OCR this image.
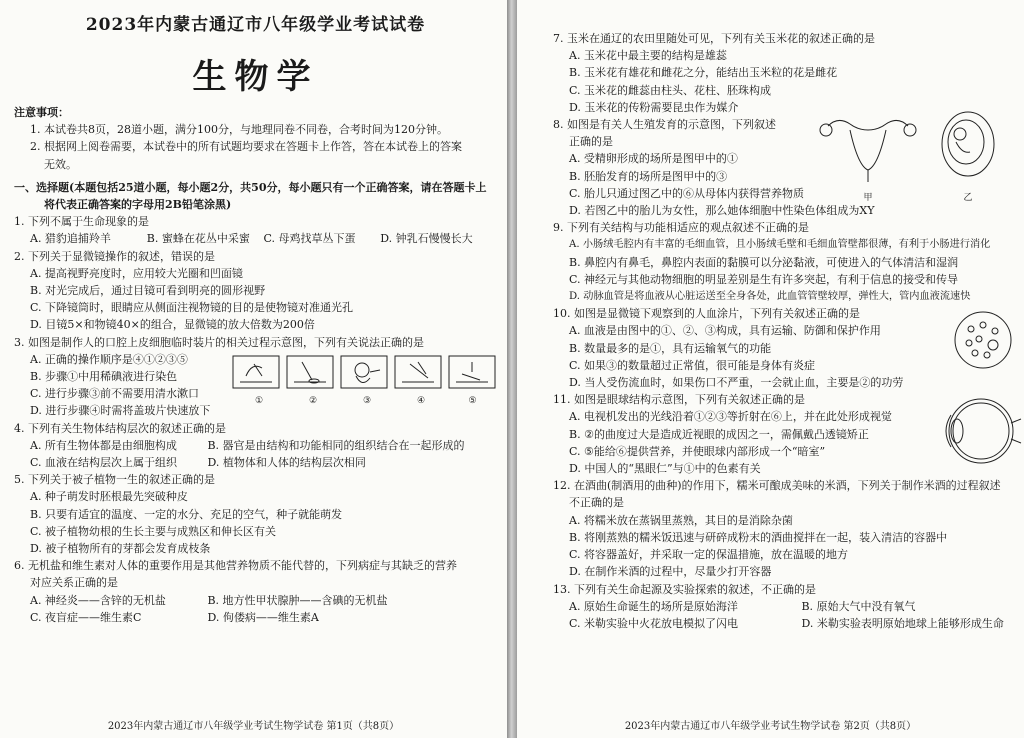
2023年内蒙古通辽市八年级学业考试试卷
生物学
注意事项：
1. 本试卷共8页，28道小题，满分100分，与地理同卷不同卷，合考时间为120分钟。
2. 根据网上阅卷需要，本试卷中的所有试题均要求在答题卡上作答，答在本试卷上的答案
无效。
一、选择题(本题包括25道小题，每小题2分，共50分，每小题只有一个正确答案，请在答题卡上
将代表正确答案的字母用2B铅笔涂黑)
1. 下列不属于生命现象的是
A. 猎豹追捕羚羊	B. 蜜蜂在花丛中采蜜	C. 母鸡找草丛下蛋	D. 钟乳石慢慢长大
2. 下列关于显微镜操作的叙述，错误的是
A. 提高视野亮度时，应用较大光圈和凹面镜
B. 对光完成后，通过目镜可看到明亮的圆形视野
C. 下降镜筒时，眼睛应从侧面注视物镜的目的是使物镜对准通光孔
D. 目镜5×和物镜40×的组合，显微镜的放大倍数为200倍
3. 如图是制作人的口腔上皮细胞临时装片的相关过程示意图，下列有关说法正确的是
A. 正确的操作顺序是④①②③⑤
B. 步骤①中用稀碘液进行染色
C. 进行步骤③前不需要用清水漱口
D. 进行步骤④时需将盖玻片快速放下
①	②	③	④	⑤
4. 下列有关生物体结构层次的叙述正确的是
A. 所有生物体都是由细胞构成	B. 器官是由结构和功能相同的组织结合在一起形成的
C. 血液在结构层次上属于组织	D. 植物体和人体的结构层次相同
5. 下列关于被子植物一生的叙述正确的是
A. 种子萌发时胚根最先突破种皮
B. 只要有适宜的温度、一定的水分、充足的空气，种子就能萌发
C. 被子植物幼根的生长主要与成熟区和伸长区有关
D. 被子植物所有的芽都会发育成枝条
6. 无机盐和维生素对人体的重要作用是其他营养物质不能代替的，下列病症与其缺乏的营养
对应关系正确的是
A. 神经炎——含锌的无机盐	B. 地方性甲状腺肿——含碘的无机盐
C. 夜盲症——维生素C	D. 佝偻病——维生素A
2023年内蒙古通辽市八年级学业考试生物学试卷 第1页（共8页）
7. 玉米在通辽的农田里随处可见，下列有关玉米花的叙述正确的是
A. 玉米花中最主要的结构是雄蕊
B. 玉米花有雄花和雌花之分，能结出玉米粒的花是雌花
C. 玉米花的雌蕊由柱头、花柱、胚珠构成
D. 玉米花的传粉需要昆虫作为媒介
8. 如图是有关人生殖发育的示意图，下列叙述
正确的是
A. 受精卵形成的场所是图甲中的①
B. 胚胎发育的场所是图甲中的③
C. 胎儿只通过图乙中的⑥从母体内获得营养物质
D. 若图乙中的胎儿为女性，那么她体细胞中性染色体组成为XY
甲	乙
9. 下列有关结构与功能相适应的观点叙述不正确的是
A. 小肠绒毛腔内有丰富的毛细血管，且小肠绒毛壁和毛细血管壁都很薄，有利于小肠进行消化
B. 鼻腔内有鼻毛，鼻腔内表面的黏膜可以分泌黏液，可使进入的气体清洁和湿润
C. 神经元与其他动物细胞的明显差别是生有许多突起，有利于信息的接受和传导
D. 动脉血管是将血液从心脏运送至全身各处，此血管管壁较厚，弹性大，管内血液流速快
10. 如图是显微镜下观察到的人血涂片，下列有关叙述正确的是
A. 血液是由图中的①、②、③构成，具有运输、防御和保护作用
B. 数量最多的是①，具有运输氧气的功能
C. 如果③的数量超过正常值，很可能是身体有炎症
D. 当人受伤流血时，如果伤口不严重，一会就止血，主要是②的功劳
11. 如图是眼球结构示意图，下列有关叙述正确的是
A. 电视机发出的光线沿着①②③等折射在⑥上，并在此处形成视觉
B. ②的曲度过大是造成近视眼的成因之一，需佩戴凸透镜矫正
C. ⑤能给⑥提供营养，并使眼球内部形成一个“暗室”
D. 中国人的“黑眼仁”与①中的色素有关
12. 在酒曲(制酒用的曲种)的作用下，糯米可酿成美味的米酒，下列关于制作米酒的过程叙述
不正确的是
A. 将糯米放在蒸锅里蒸熟，其目的是消除杂菌
B. 将刚蒸熟的糯米饭迅速与研碎成粉末的酒曲搅拌在一起，装入清洁的容器中
C. 将容器盖好，并采取一定的保温措施，放在温暖的地方
D. 在制作米酒的过程中，尽量少打开容器
13. 下列有关生命起源及实验探索的叙述，不正确的是
A. 原始生命诞生的场所是原始海洋	B. 原始大气中没有氧气
C. 米勒实验中火花放电模拟了闪电	D. 米勒实验表明原始地球上能够形成生命
2023年内蒙古通辽市八年级学业考试生物学试卷 第2页（共8页）
